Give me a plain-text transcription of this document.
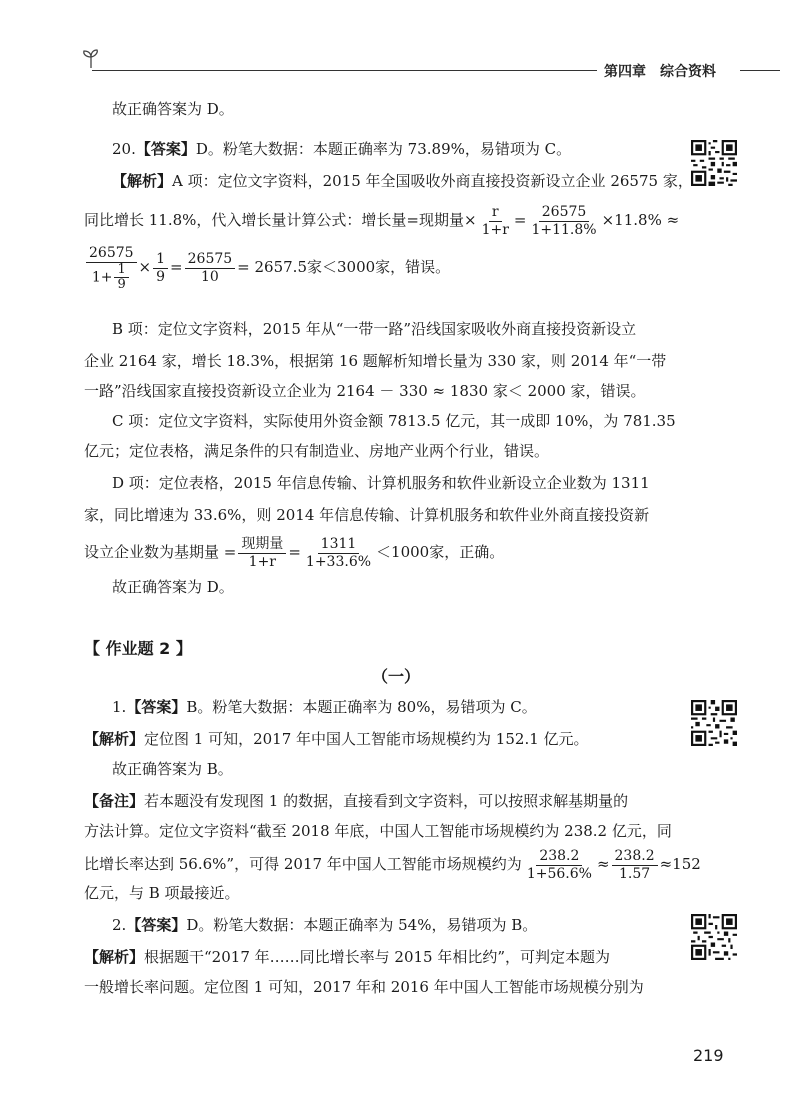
第四章 综合资料
故正确答案为 D。
20.【答案】D。粉笔大数据：本题正确率为 73.89%，易错项为 C。
【解析】A 项：定位文字资料，2015 年全国吸收外商直接投资新设立企业 26575 家，
同比增长 11.8%，代入增长量计算公式：增长量=现期量× $\frac{r}{1+r} = \frac{26575}{1+11.8\%} \times 11.8\%$ ≈
$\frac{26575}{1+ \frac{1}{9}} \times \frac{1}{9} = \frac{26575}{10} = 2657.5$家＜3000家，错误。
B 项：定位文字资料，2015 年从“一带一路”沿线国家吸收外商直接投资新设立
企业 2164 家，增长 18.3%，根据第 16 题解析知增长量为 330 家，则 2014 年“一带
一路”沿线国家直接投资新设立企业为 2164 － 330 ≈ 1830 家＜ 2000 家，错误。
C 项：定位文字资料，实际使用外资金额 7813.5 亿元，其一成即 10%，为 781.35
亿元；定位表格，满足条件的只有制造业、房地产业两个行业，错误。
D 项：定位表格，2015 年信息传输、计算机服务和软件业新设立企业数为 1311
家，同比增速为 33.6%，则 2014 年信息传输、计算机服务和软件业外商直接投资新
设立企业数为基期量 = $\frac{\text{现期量}}{1+r} = \frac{1311}{1+33.6\%} <1000$家，正确。
故正确答案为 D。
【 作业题 2 】
（一）
1.【答案】B。粉笔大数据：本题正确率为 80%，易错项为 C。
【解析】定位图 1 可知，2017 年中国人工智能市场规模约为 152.1 亿元。
故正确答案为 B。
【备注】若本题没有发现图 1 的数据，直接看到文字资料，可以按照求解基期量的
方法计算。定位文字资料“截至 2018 年底，中国人工智能市场规模约为 238.2 亿元，同
比增长率达到 56.6%”，可得 2017 年中国人工智能市场规模约为 $\frac{238.2}{1+56.6\%} \approx \frac{238.2}{1.57} \approx 152$
亿元，与 B 项最接近。
2.【答案】D。粉笔大数据：本题正确率为 54%，易错项为 B。
【解析】根据题干“2017 年……同比增长率与 2015 年相比约”，可判定本题为
一般增长率问题。定位图 1 可知，2017 年和 2016 年中国人工智能市场规模分别为
219
